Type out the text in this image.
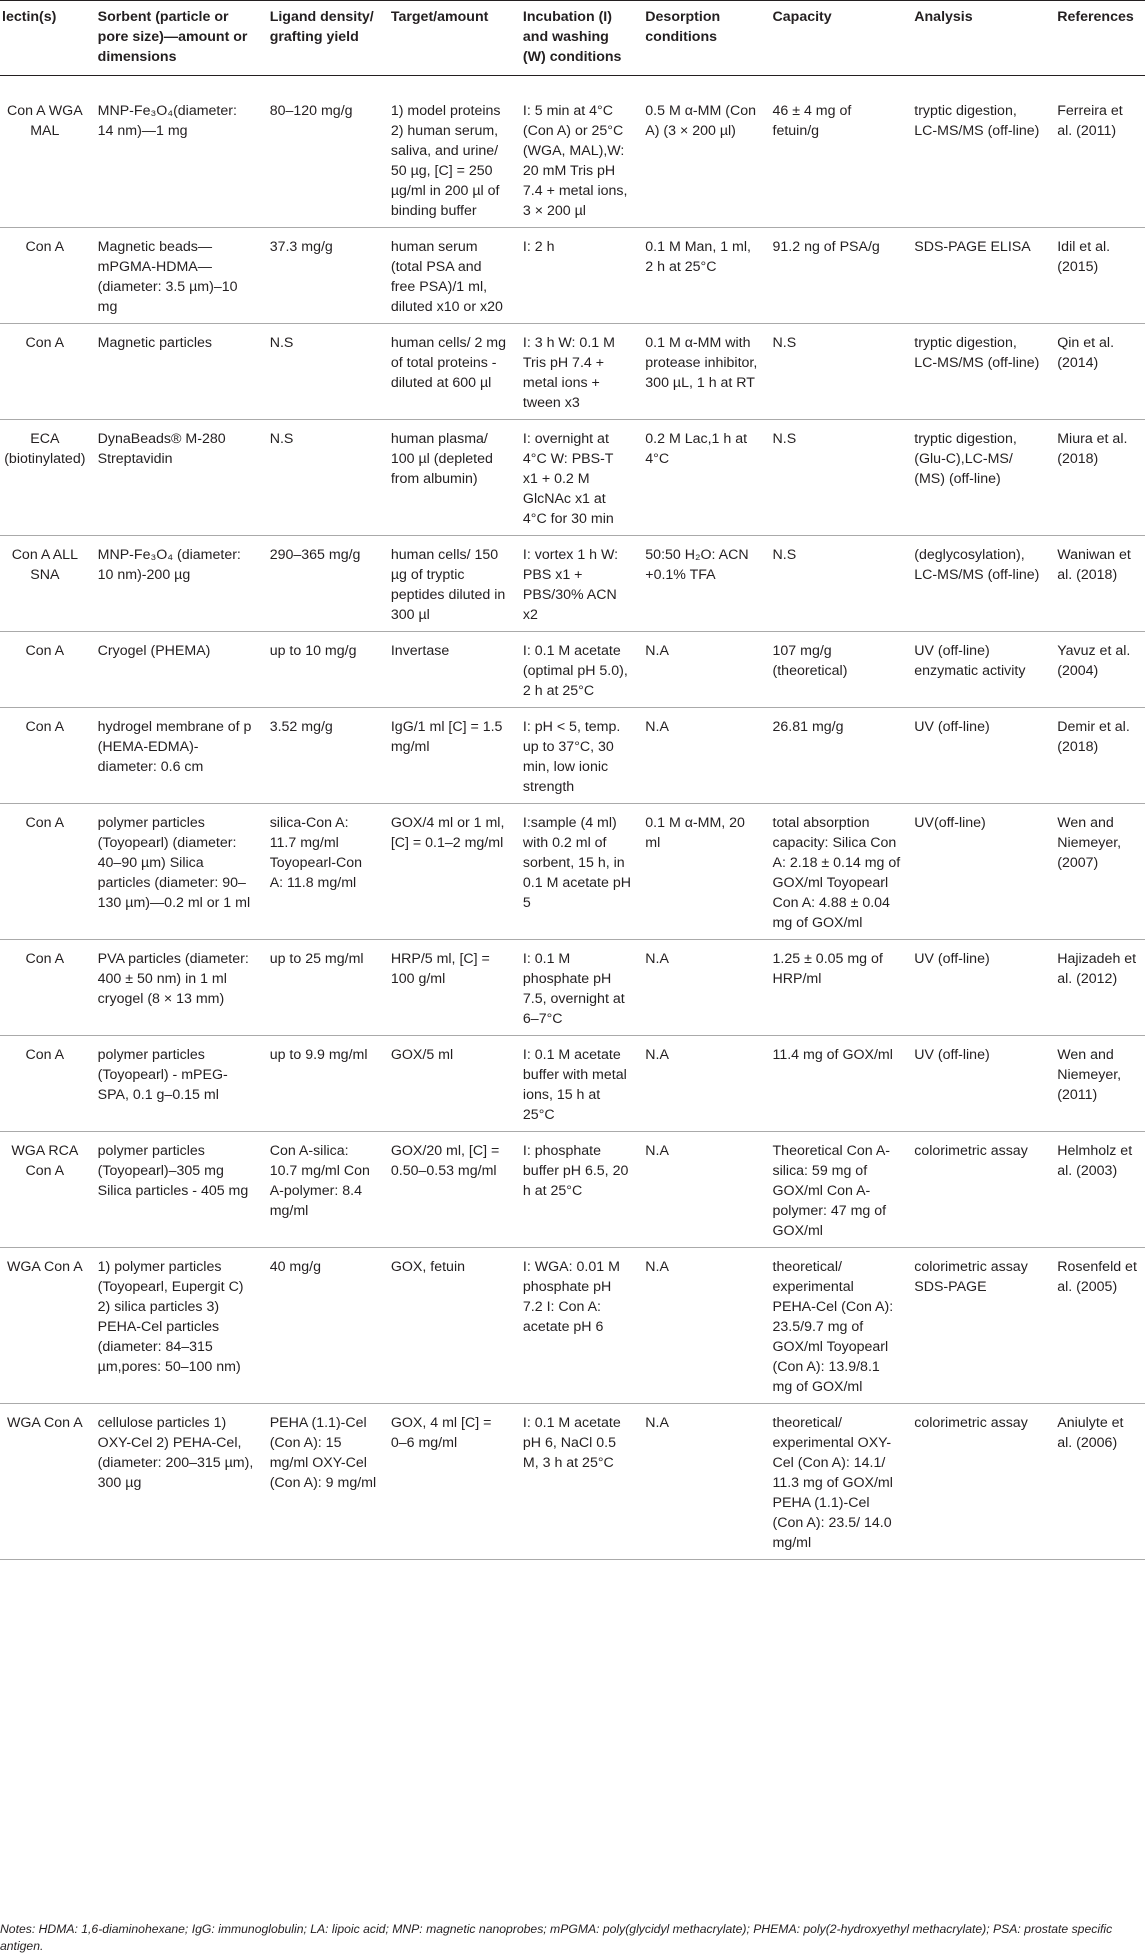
lectin(s)	Sorbent (particle or pore size)—amount or dimensions	Ligand density/ grafting yield	Target/amount	Incubation (I) and washing (W) conditions	Desorption conditions	Capacity	Analysis	References
Con A WGA MAL	MNP-Fe₃O₄(diameter: 14 nm)—1 mg	80–120 mg/g	1) model proteins 2) human serum, saliva, and urine/ 50 µg, [C] = 250 µg/ml in 200 µl of binding buffer	I: 5 min at 4°C (Con A) or 25°C (WGA, MAL),W: 20 mM Tris pH 7.4 + metal ions, 3 × 200 µl	0.5 M α-MM (Con A) (3 × 200 µl)	46 ± 4 mg of fetuin/g	tryptic digestion, LC-MS/MS (off-line)	Ferreira et al. (2011)
Con A	Magnetic beads—mPGMA-HDMA—(diameter: 3.5 µm)–10 mg	37.3 mg/g	human serum (total PSA and free PSA)/1 ml, diluted x10 or x20	I: 2 h	0.1 M Man, 1 ml, 2 h at 25°C	91.2 ng of PSA/g	SDS-PAGE ELISA	Idil et al. (2015)
Con A	Magnetic particles	N.S	human cells/ 2 mg of total proteins - diluted at 600 µl	I: 3 h W: 0.1 M Tris pH 7.4 + metal ions + tween x3	0.1 M α-MM with protease inhibitor, 300 µL, 1 h at RT	N.S	tryptic digestion, LC-MS/MS (off-line)	Qin et al. (2014)
ECA (biotinylated)	DynaBeads® M-280 Streptavidin	N.S	human plasma/ 100 µl (depleted from albumin)	I: overnight at 4°C W: PBS-T x1 + 0.2 M GlcNAc x1 at 4°C for 30 min	0.2 M Lac,1 h at 4°C	N.S	tryptic digestion, (Glu-C),LC-MS/ (MS) (off-line)	Miura et al. (2018)
Con A ALL SNA	MNP-Fe₃O₄ (diameter: 10 nm)-200 µg	290–365 mg/g	human cells/ 150 µg of tryptic peptides diluted in 300 µl	I: vortex 1 h W: PBS x1 + PBS/30% ACN x2	50:50 H₂O: ACN +0.1% TFA	N.S	(deglycosylation), LC-MS/MS (off-line)	Waniwan et al. (2018)
Con A	Cryogel (PHEMA)	up to 10 mg/g	Invertase	I: 0.1 M acetate (optimal pH 5.0), 2 h at 25°C	N.A	107 mg/g (theoretical)	UV (off-line) enzymatic activity	Yavuz et al. (2004)
Con A	hydrogel membrane of p (HEMA-EDMA)-diameter: 0.6 cm	3.52 mg/g	IgG/1 ml [C] = 1.5 mg/ml	I: pH < 5, temp. up to 37°C, 30 min, low ionic strength	N.A	26.81 mg/g	UV (off-line)	Demir et al. (2018)
Con A	polymer particles (Toyopearl) (diameter: 40–90 µm) Silica particles (diameter: 90–130 µm)—0.2 ml or 1 ml	silica-Con A: 11.7 mg/ml Toyopearl-Con A: 11.8 mg/ml	GOX/4 ml or 1 ml, [C] = 0.1–2 mg/ml	I:sample (4 ml) with 0.2 ml of sorbent, 15 h, in 0.1 M acetate pH 5	0.1 M α-MM, 20 ml	total absorption capacity: Silica Con A: 2.18 ± 0.14 mg of GOX/ml Toyopearl Con A: 4.88 ± 0.04 mg of GOX/ml	UV(off-line)	Wen and Niemeyer, (2007)
Con A	PVA particles (diameter: 400 ± 50 nm) in 1 ml cryogel (8 × 13 mm)	up to 25 mg/ml	HRP/5 ml, [C] = 100 g/ml	I: 0.1 M phosphate pH 7.5, overnight at 6–7°C	N.A	1.25 ± 0.05 mg of HRP/ml	UV (off-line)	Hajizadeh et al. (2012)
Con A	polymer particles (Toyopearl) - mPEG-SPA, 0.1 g–0.15 ml	up to 9.9 mg/ml	GOX/5 ml	I: 0.1 M acetate buffer with metal ions, 15 h at 25°C	N.A	11.4 mg of GOX/ml	UV (off-line)	Wen and Niemeyer, (2011)
WGA RCA Con A	polymer particles (Toyopearl)–305 mg Silica particles - 405 mg	Con A-silica: 10.7 mg/ml Con A-polymer: 8.4 mg/ml	GOX/20 ml, [C] = 0.50–0.53 mg/ml	I: phosphate buffer pH 6.5, 20 h at 25°C	N.A	Theoretical Con A-silica: 59 mg of GOX/ml Con A-polymer: 47 mg of GOX/ml	colorimetric assay	Helmholz et al. (2003)
WGA Con A	1) polymer particles (Toyopearl, Eupergit C) 2) silica particles 3) PEHA-Cel particles (diameter: 84–315 µm,pores: 50–100 nm)	40 mg/g	GOX, fetuin	I: WGA: 0.01 M phosphate pH 7.2 I: Con A: acetate pH 6	N.A	theoretical/ experimental PEHA-Cel (Con A): 23.5/9.7 mg of GOX/ml Toyopearl (Con A): 13.9/8.1 mg of GOX/ml	colorimetric assay SDS-PAGE	Rosenfeld et al. (2005)
WGA Con A	cellulose particles 1) OXY-Cel 2) PEHA-Cel, (diameter: 200–315 µm), 300 µg	PEHA (1.1)-Cel (Con A): 15 mg/ml OXY-Cel (Con A): 9 mg/ml	GOX, 4 ml [C] = 0–6 mg/ml	I: 0.1 M acetate pH 6, NaCl 0.5 M, 3 h at 25°C	N.A	theoretical/ experimental OXY-Cel (Con A): 14.1/ 11.3 mg of GOX/ml PEHA (1.1)-Cel (Con A): 23.5/ 14.0 mg/ml	colorimetric assay	Aniulyte et al. (2006)
Notes: HDMA: 1,6-diaminohexane; IgG: immunoglobulin; LA: lipoic acid; MNP: magnetic nanoprobes; mPGMA: poly(glycidyl methacrylate); PHEMA: poly(2-hydroxyethyl methacrylate); PSA: prostate specific antigen.
